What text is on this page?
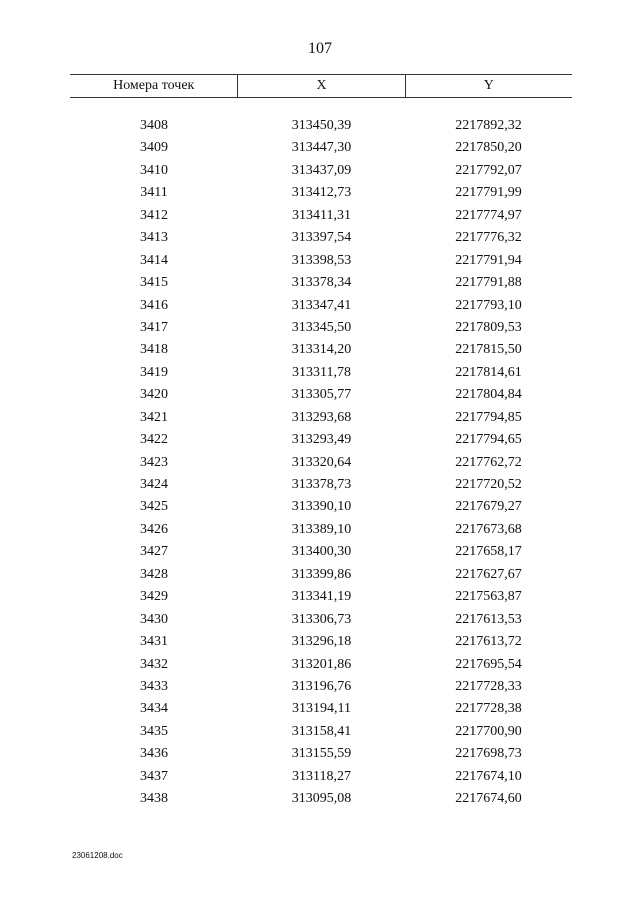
107
Номера точек	X	Y
3408	313450,39	2217892,32
3409	313447,30	2217850,20
3410	313437,09	2217792,07
3411	313412,73	2217791,99
3412	313411,31	2217774,97
3413	313397,54	2217776,32
3414	313398,53	2217791,94
3415	313378,34	2217791,88
3416	313347,41	2217793,10
3417	313345,50	2217809,53
3418	313314,20	2217815,50
3419	313311,78	2217814,61
3420	313305,77	2217804,84
3421	313293,68	2217794,85
3422	313293,49	2217794,65
3423	313320,64	2217762,72
3424	313378,73	2217720,52
3425	313390,10	2217679,27
3426	313389,10	2217673,68
3427	313400,30	2217658,17
3428	313399,86	2217627,67
3429	313341,19	2217563,87
3430	313306,73	2217613,53
3431	313296,18	2217613,72
3432	313201,86	2217695,54
3433	313196,76	2217728,33
3434	313194,11	2217728,38
3435	313158,41	2217700,90
3436	313155,59	2217698,73
3437	313118,27	2217674,10
3438	313095,08	2217674,60
23061208.doc
